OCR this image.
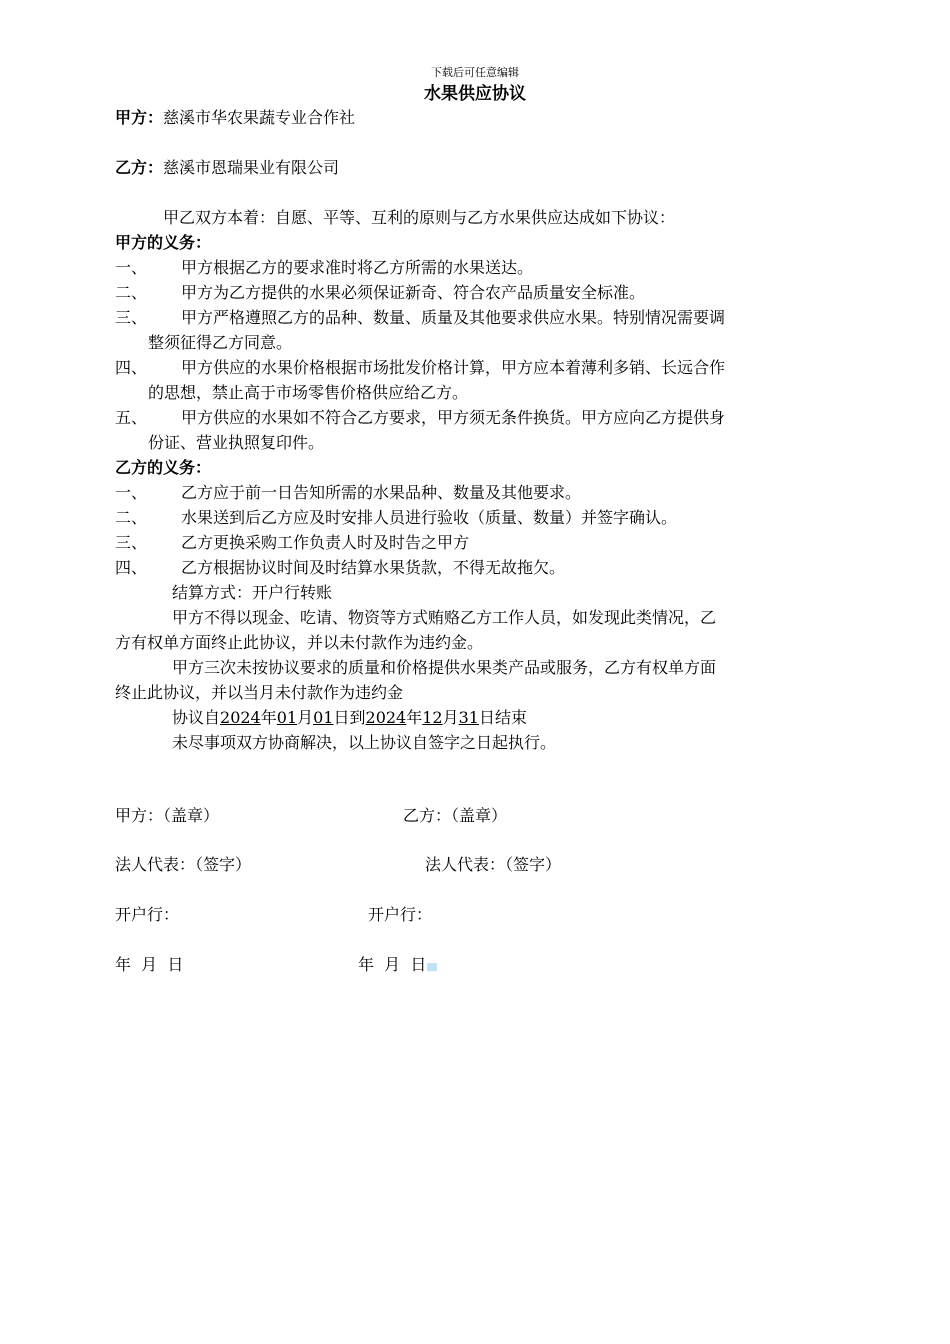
下载后可任意编辑
水果供应协议
甲方：慈溪市华农果蔬专业合作社
乙方：慈溪市恩瑞果业有限公司
甲乙双方本着：自愿、平等、互利的原则与乙方水果供应达成如下协议：
甲方的义务：
一、 甲方根据乙方的要求准时将乙方所需的水果送达。
二、 甲方为乙方提供的水果必须保证新奇、符合农产品质量安全标准。
三、 甲方严格遵照乙方的品种、数量、质量及其他要求供应水果。特别情况需要调
整须征得乙方同意。
四、 甲方供应的水果价格根据市场批发价格计算，甲方应本着薄利多销、长远合作
的思想，禁止高于市场零售价格供应给乙方。
五、 甲方供应的水果如不符合乙方要求，甲方须无条件换货。甲方应向乙方提供身
份证、营业执照复印件。
乙方的义务：
一、 乙方应于前一日告知所需的水果品种、数量及其他要求。
二、 水果送到后乙方应及时安排人员进行验收（质量、数量）并签字确认。
三、 乙方更换采购工作负责人时及时告之甲方
四、 乙方根据协议时间及时结算水果货款，不得无故拖欠。
结算方式：开户行转账
甲方不得以现金、吃请、物资等方式贿赂乙方工作人员，如发现此类情况，乙
方有权单方面终止此协议，并以未付款作为违约金。
甲方三次未按协议要求的质量和价格提供水果类产品或服务，乙方有权单方面
终止此协议，并以当月未付款作为违约金
协议自2024年01月01日到2024年12月31日结束
未尽事项双方协商解决，以上协议自签字之日起执行。
甲方：（盖章）	乙方：（盖章）
法人代表：（签字）	法人代表：（签字）
开户行：	开户行：
年  月  日	年  月  日
